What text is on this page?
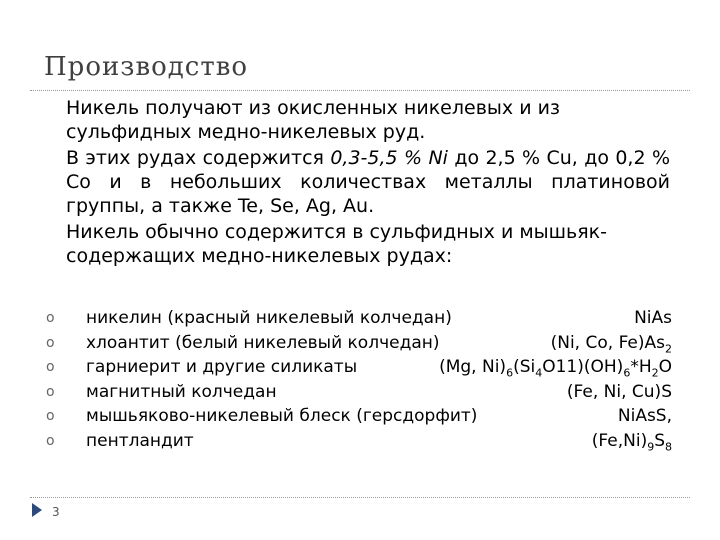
Производство

Никель получают из окисленных никелевых и из сульфидных медно-никелевых руд.

В этих рудах содержится 0,3-5,5 % Ni до 2,5 % Cu, до 0,2 % Co и в небольших количествах металлы платиновой группы, а также Te, Se, Ag, Au.

Никель обычно содержится в сульфидных и мышьяк-содержащих медно-никелевых рудах:

o никелин (красный никелевый колчедан)	NiAs
o хлоантит (белый никелевый колчедан)	(Ni, Co, $Fe)As_2$
o гарниерит и другие силикаты	(Mg, $Ni)_6(Si_4O11)(OH)_6*H_2O$
o магнитный колчедан	(Fe, Ni, Cu)S
o мышьяково-никелевый блеск (герсдорфит)	NiAsS,
o пентландит	$(Fe,Ni)_9S_8$
3
